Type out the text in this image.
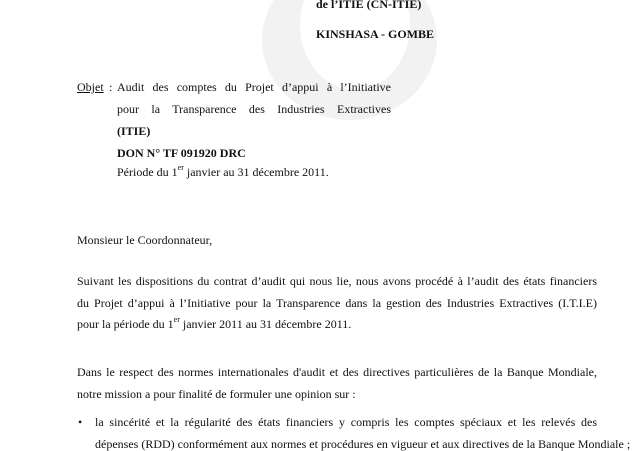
de l’ITIE (CN-ITIE)
KINSHASA - GOMBE
Objet : Audit des comptes du Projet d’appui à l’Initiative
pour la Transparence des Industries Extractives
(ITIE)
DON N° TF 091920 DRC
Période du 1er janvier au 31 décembre 2011.
Monsieur le Coordonnateur,
Suivant les dispositions du contrat d’audit qui nous lie, nous avons procédé à l’audit des états financiers
du Projet d’appui à l’Initiative pour la Transparence dans la gestion des Industries Extractives (I.T.I.E)
pour la période du 1er janvier 2011 au 31 décembre 2011.
Dans le respect des normes internationales d'audit et des directives particulières de la Banque Mondiale,
notre mission a pour finalité de formuler une opinion sur :
• la sincérité et la régularité des états financiers y compris les comptes spéciaux et les relevés des
dépenses (RDD) conformément aux normes et procédures en vigueur et aux directives de la Banque Mondiale ;
